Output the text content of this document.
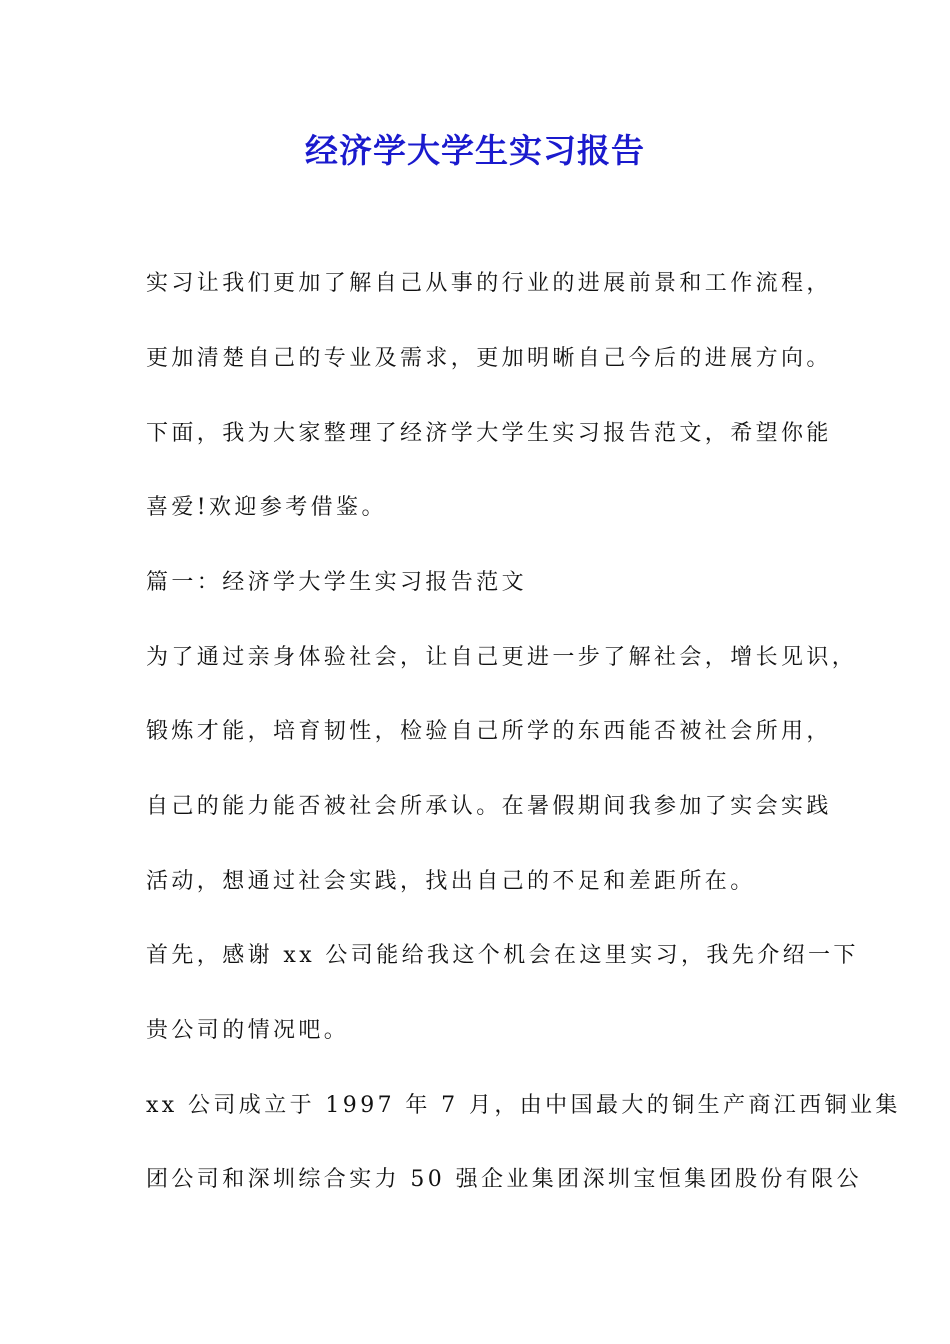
经济学大学生实习报告

实习让我们更加了解自己从事的行业的进展前景和工作流程，

更加清楚自己的专业及需求，更加明晰自己今后的进展方向。

下面，我为大家整理了经济学大学生实习报告范文，希望你能

喜爱!欢迎参考借鉴。

篇一：经济学大学生实习报告范文

为了通过亲身体验社会，让自己更进一步了解社会，增长见识，

锻炼才能，培育韧性，检验自己所学的东西能否被社会所用，

自己的能力能否被社会所承认。在暑假期间我参加了实会实践

活动，想通过社会实践，找出自己的不足和差距所在。

首先，感谢 xx 公司能给我这个机会在这里实习，我先介绍一下

贵公司的情况吧。

xx 公司成立于 1997 年 7 月，由中国最大的铜生产商江西铜业集

团公司和深圳综合实力 50 强企业集团深圳宝恒集团股份有限公
